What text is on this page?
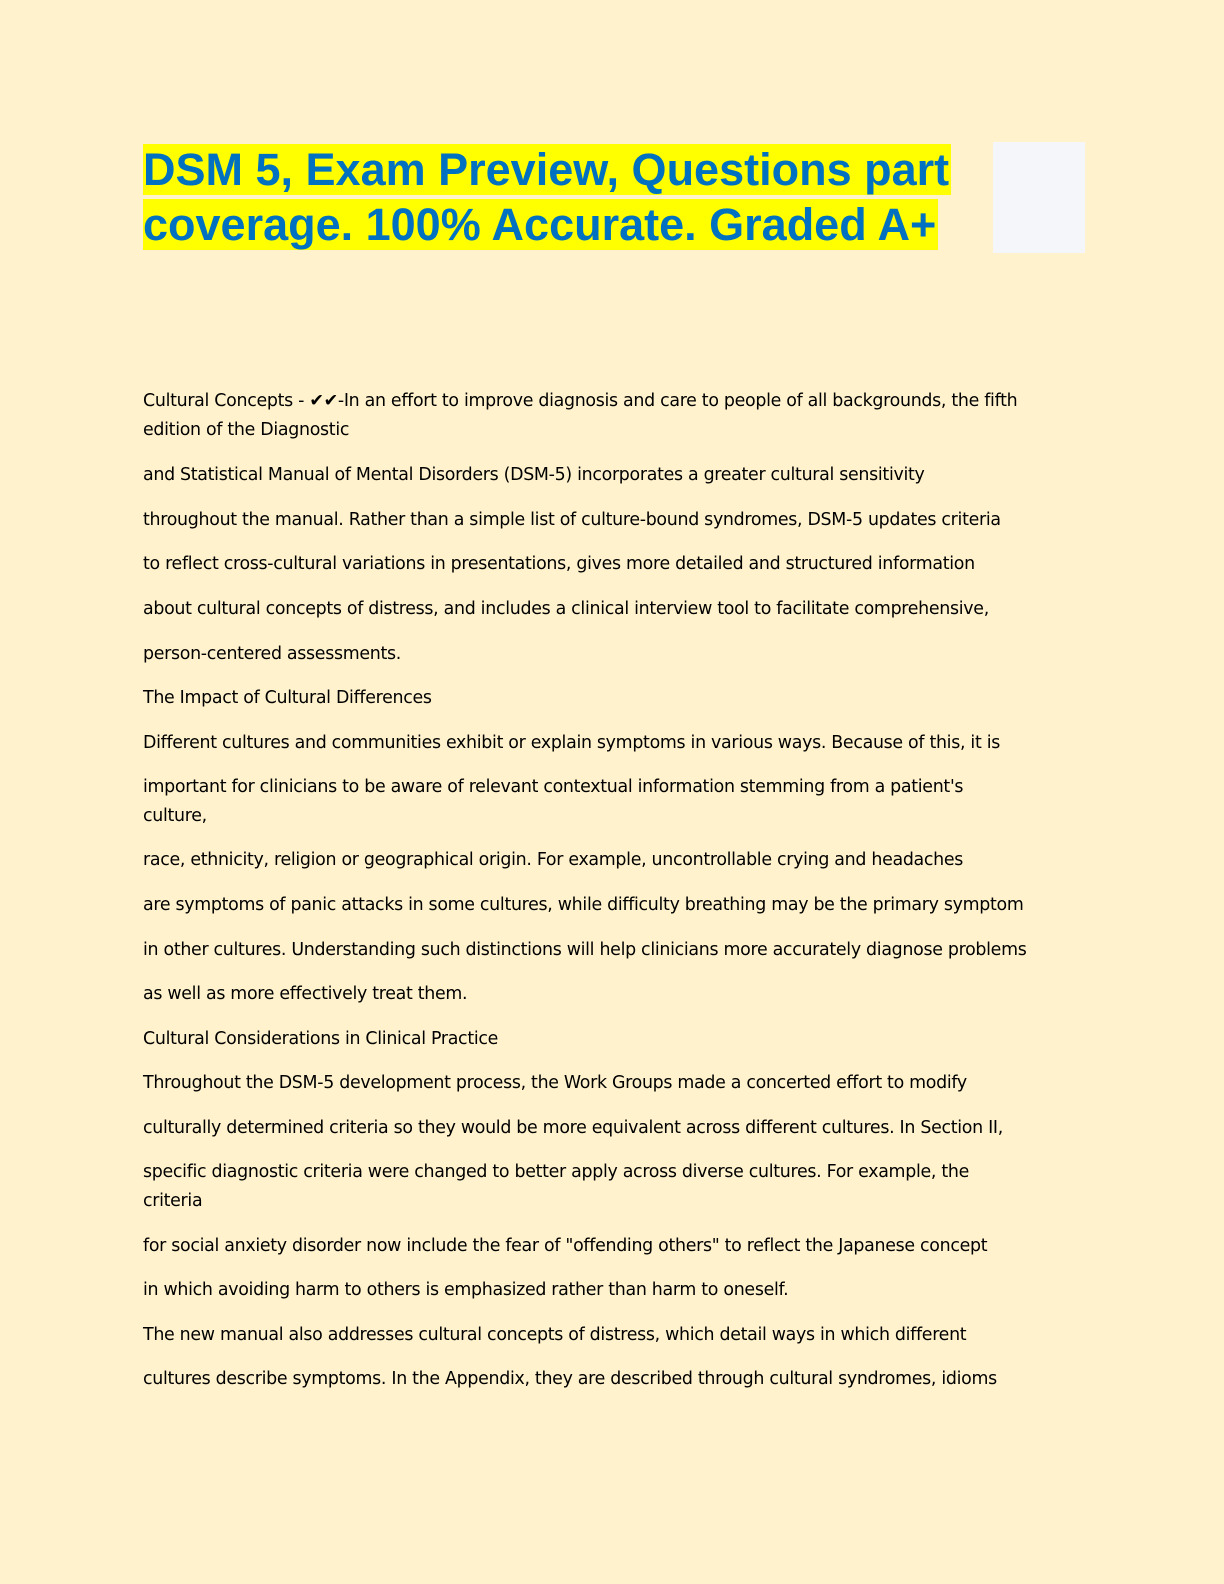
DSM 5, Exam Preview, Questions part
coverage. 100% Accurate. Graded A+
Cultural Concepts - ✔✔-In an effort to improve diagnosis and care to people of all backgrounds, the fifth
edition of the Diagnostic
and Statistical Manual of Mental Disorders (DSM-5) incorporates a greater cultural sensitivity
throughout the manual. Rather than a simple list of culture-bound syndromes, DSM-5 updates criteria
to reflect cross-cultural variations in presentations, gives more detailed and structured information
about cultural concepts of distress, and includes a clinical interview tool to facilitate comprehensive,
person-centered assessments.
The Impact of Cultural Differences
Different cultures and communities exhibit or explain symptoms in various ways. Because of this, it is
important for clinicians to be aware of relevant contextual information stemming from a patient's
culture,
race, ethnicity, religion or geographical origin. For example, uncontrollable crying and headaches
are symptoms of panic attacks in some cultures, while difficulty breathing may be the primary symptom
in other cultures. Understanding such distinctions will help clinicians more accurately diagnose problems
as well as more effectively treat them.
Cultural Considerations in Clinical Practice
Throughout the DSM-5 development process, the Work Groups made a concerted effort to modify
culturally determined criteria so they would be more equivalent across different cultures. In Section II,
specific diagnostic criteria were changed to better apply across diverse cultures. For example, the
criteria
for social anxiety disorder now include the fear of "offending others" to reflect the Japanese concept
in which avoiding harm to others is emphasized rather than harm to oneself.
The new manual also addresses cultural concepts of distress, which detail ways in which different
cultures describe symptoms. In the Appendix, they are described through cultural syndromes, idioms
